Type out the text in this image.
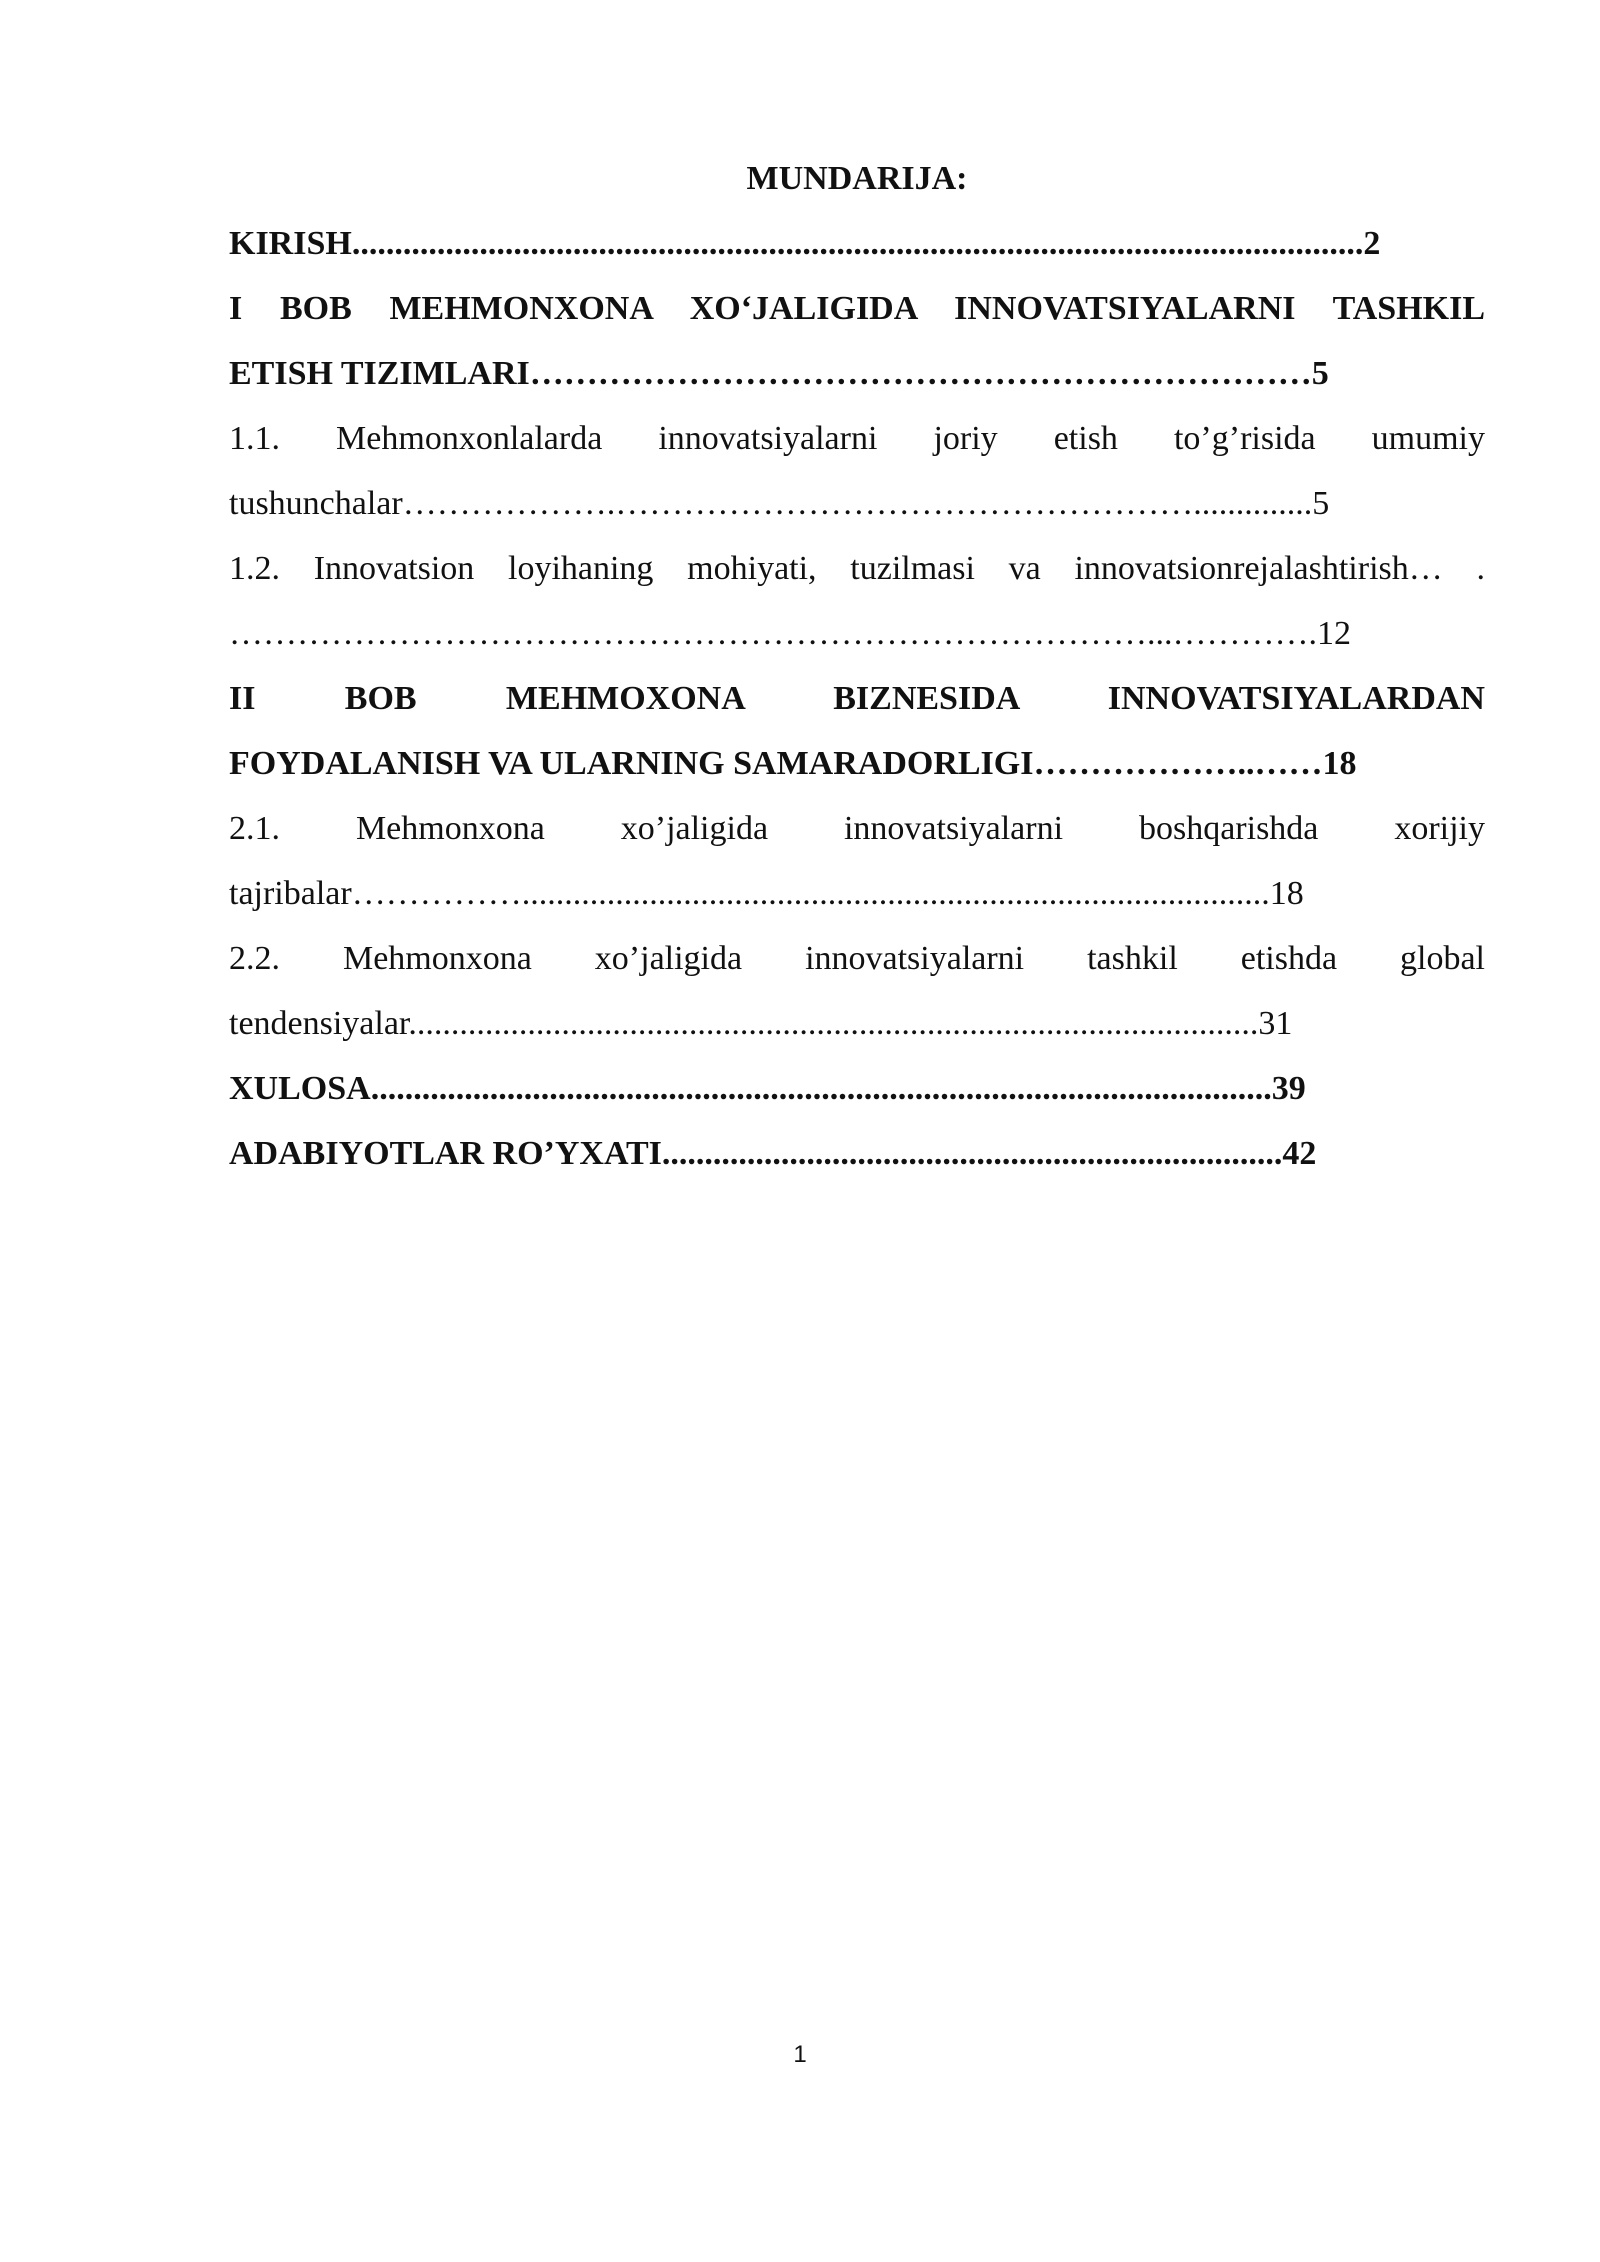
MUNDARIJA:
KIRISH.......................................................................................................................2
I BOB MEHMONXONA XO‘JALIGIDA INNOVATSIYALARNI TASHKIL
ETISH TIZIMLARI……………………………………………………………5
1.1. Mehmonxonlalarda innovatsiyalarni joriy etish to’g’risida umumiy
tushunchalar……………….……………………………………………..............5
1.2. Innovatsion loyihaning mohiyati, tuzilmasi va innovatsionrejalashtirish… .
………………………………………………………………………...………….12
II BOB MEHMOXONA BIZNESIDA INNOVATSIYALARDAN
FOYDALANISH VA ULARNING SAMARADORLIGI………………..……18
2.1. Mehmonxona xo’jaligida innovatsiyalarni boshqarishda xorijiy
tajribalar……………........................................................................................18
2.2. Mehmonxona xo’jaligida innovatsiyalarni tashkil etishda global
tendensiyalar....................................................................................................31
XULOSA..........................................................................................................39
ADABIYOTLAR RO’YXATI.........................................................................42
1
